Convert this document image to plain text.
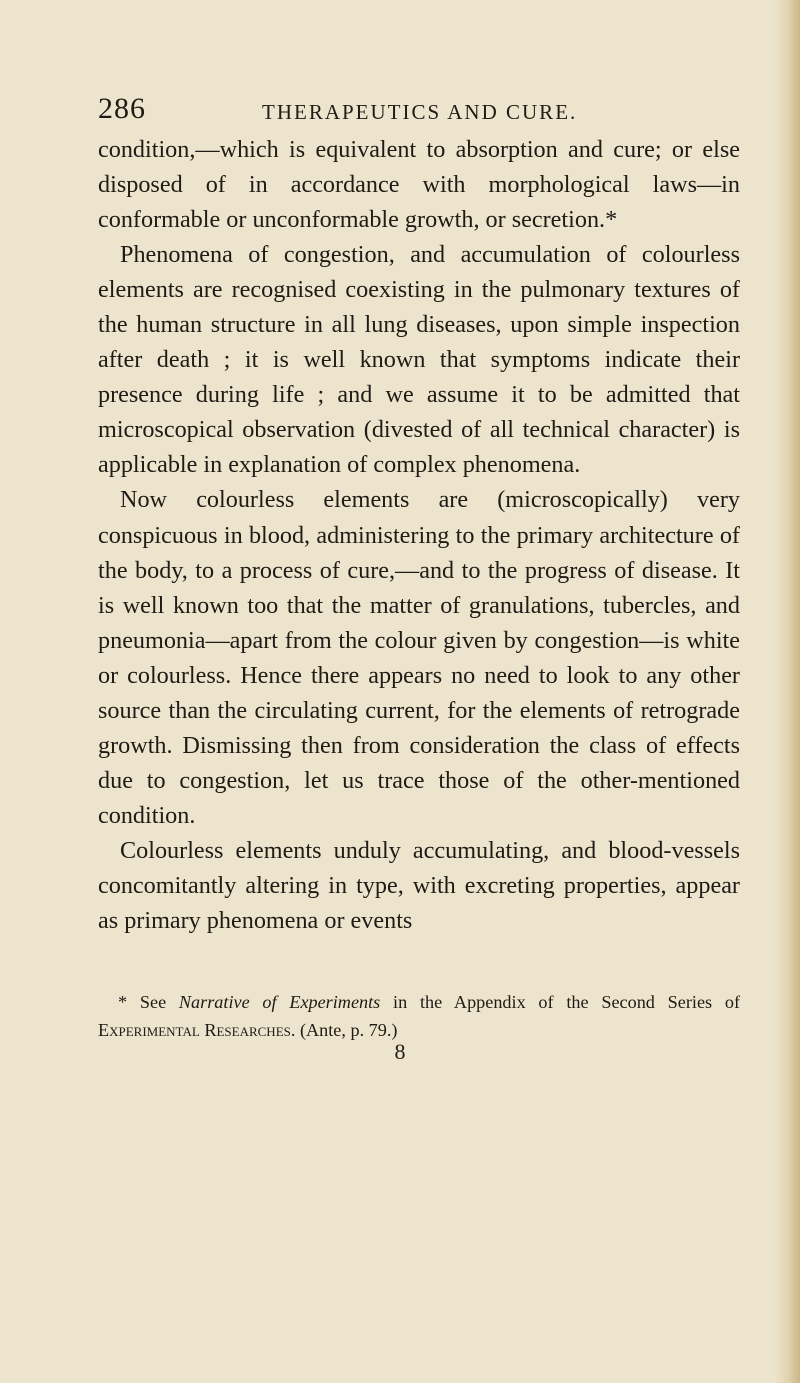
286	THERAPEUTICS AND CURE.

condition,—which is equivalent to absorption and cure; or else disposed of in accordance with morphological laws—in conformable or unconformable growth, or secretion.*

Phenomena of congestion, and accumulation of colourless elements are recognised coexisting in the pulmonary textures of the human structure in all lung diseases, upon simple inspection after death ; it is well known that symptoms indicate their presence during life ; and we assume it to be admitted that microscopical observation (divested of all technical character) is applicable in explanation of complex phenomena.

Now colourless elements are (microscopically) very conspicuous in blood, administering to the primary architecture of the body, to a process of cure,—and to the progress of disease. It is well known too that the matter of granulations, tubercles, and pneumonia—apart from the colour given by congestion—is white or colourless. Hence there appears no need to look to any other source than the circulating current, for the elements of retrograde growth. Dismissing then from consideration the class of effects due to congestion, let us trace those of the other-mentioned condition.

Colourless elements unduly accumulating, and blood-vessels concomitantly altering in type, with excreting properties, appear as primary phenomena or events

* See Narrative of Experiments in the Appendix of the Second Series of Experimental Researches. (Ante, p. 79.)

8
